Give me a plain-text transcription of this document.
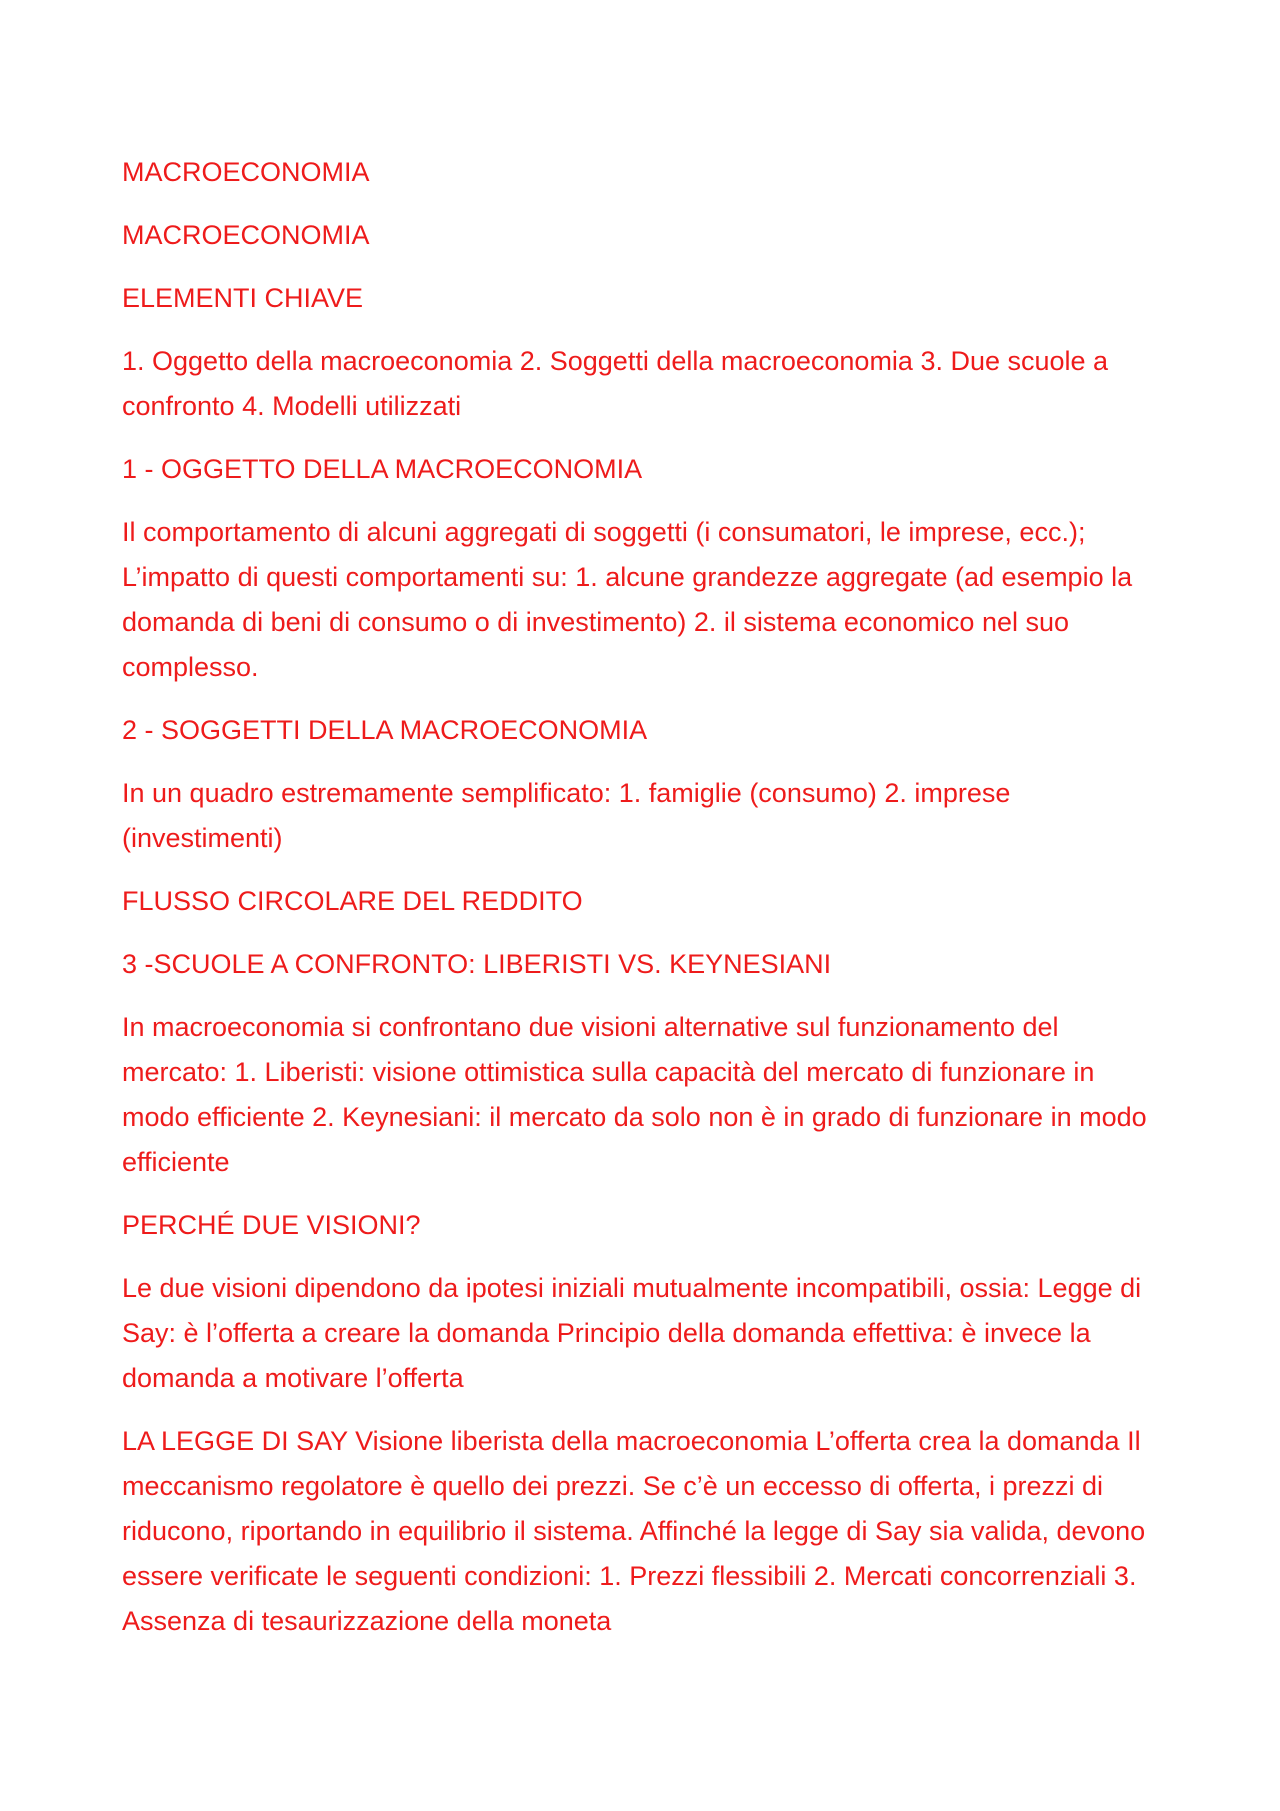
MACROECONOMIA

MACROECONOMIA

ELEMENTI CHIAVE

1. Oggetto della macroeconomia 2. Soggetti della macroeconomia 3. Due scuole a confronto 4. Modelli utilizzati

1 - OGGETTO DELLA MACROECONOMIA

Il comportamento di alcuni aggregati di soggetti (i consumatori, le imprese, ecc.); L’impatto di questi comportamenti su: 1. alcune grandezze aggregate (ad esempio la domanda di beni di consumo o di investimento) 2. il sistema economico nel suo complesso.

2 - SOGGETTI DELLA MACROECONOMIA

In un quadro estremamente semplificato: 1. famiglie (consumo) 2. imprese (investimenti)

FLUSSO CIRCOLARE DEL REDDITO

3 -SCUOLE A CONFRONTO: LIBERISTI VS. KEYNESIANI

In macroeconomia si confrontano due visioni alternative sul funzionamento del mercato: 1. Liberisti: visione ottimistica sulla capacità del mercato di funzionare in modo efficiente 2. Keynesiani: il mercato da solo non è in grado di funzionare in modo efficiente

PERCHÉ DUE VISIONI?

Le due visioni dipendono da ipotesi iniziali mutualmente incompatibili, ossia: Legge di Say: è l’offerta a creare la domanda Principio della domanda effettiva: è invece la domanda a motivare l’offerta

LA LEGGE DI SAY Visione liberista della macroeconomia L’offerta crea la domanda Il meccanismo regolatore è quello dei prezzi. Se c’è un eccesso di offerta, i prezzi di riducono, riportando in equilibrio il sistema. Affinché la legge di Say sia valida, devono essere verificate le seguenti condizioni: 1. Prezzi flessibili 2. Mercati concorrenziali 3. Assenza di tesaurizzazione della moneta
